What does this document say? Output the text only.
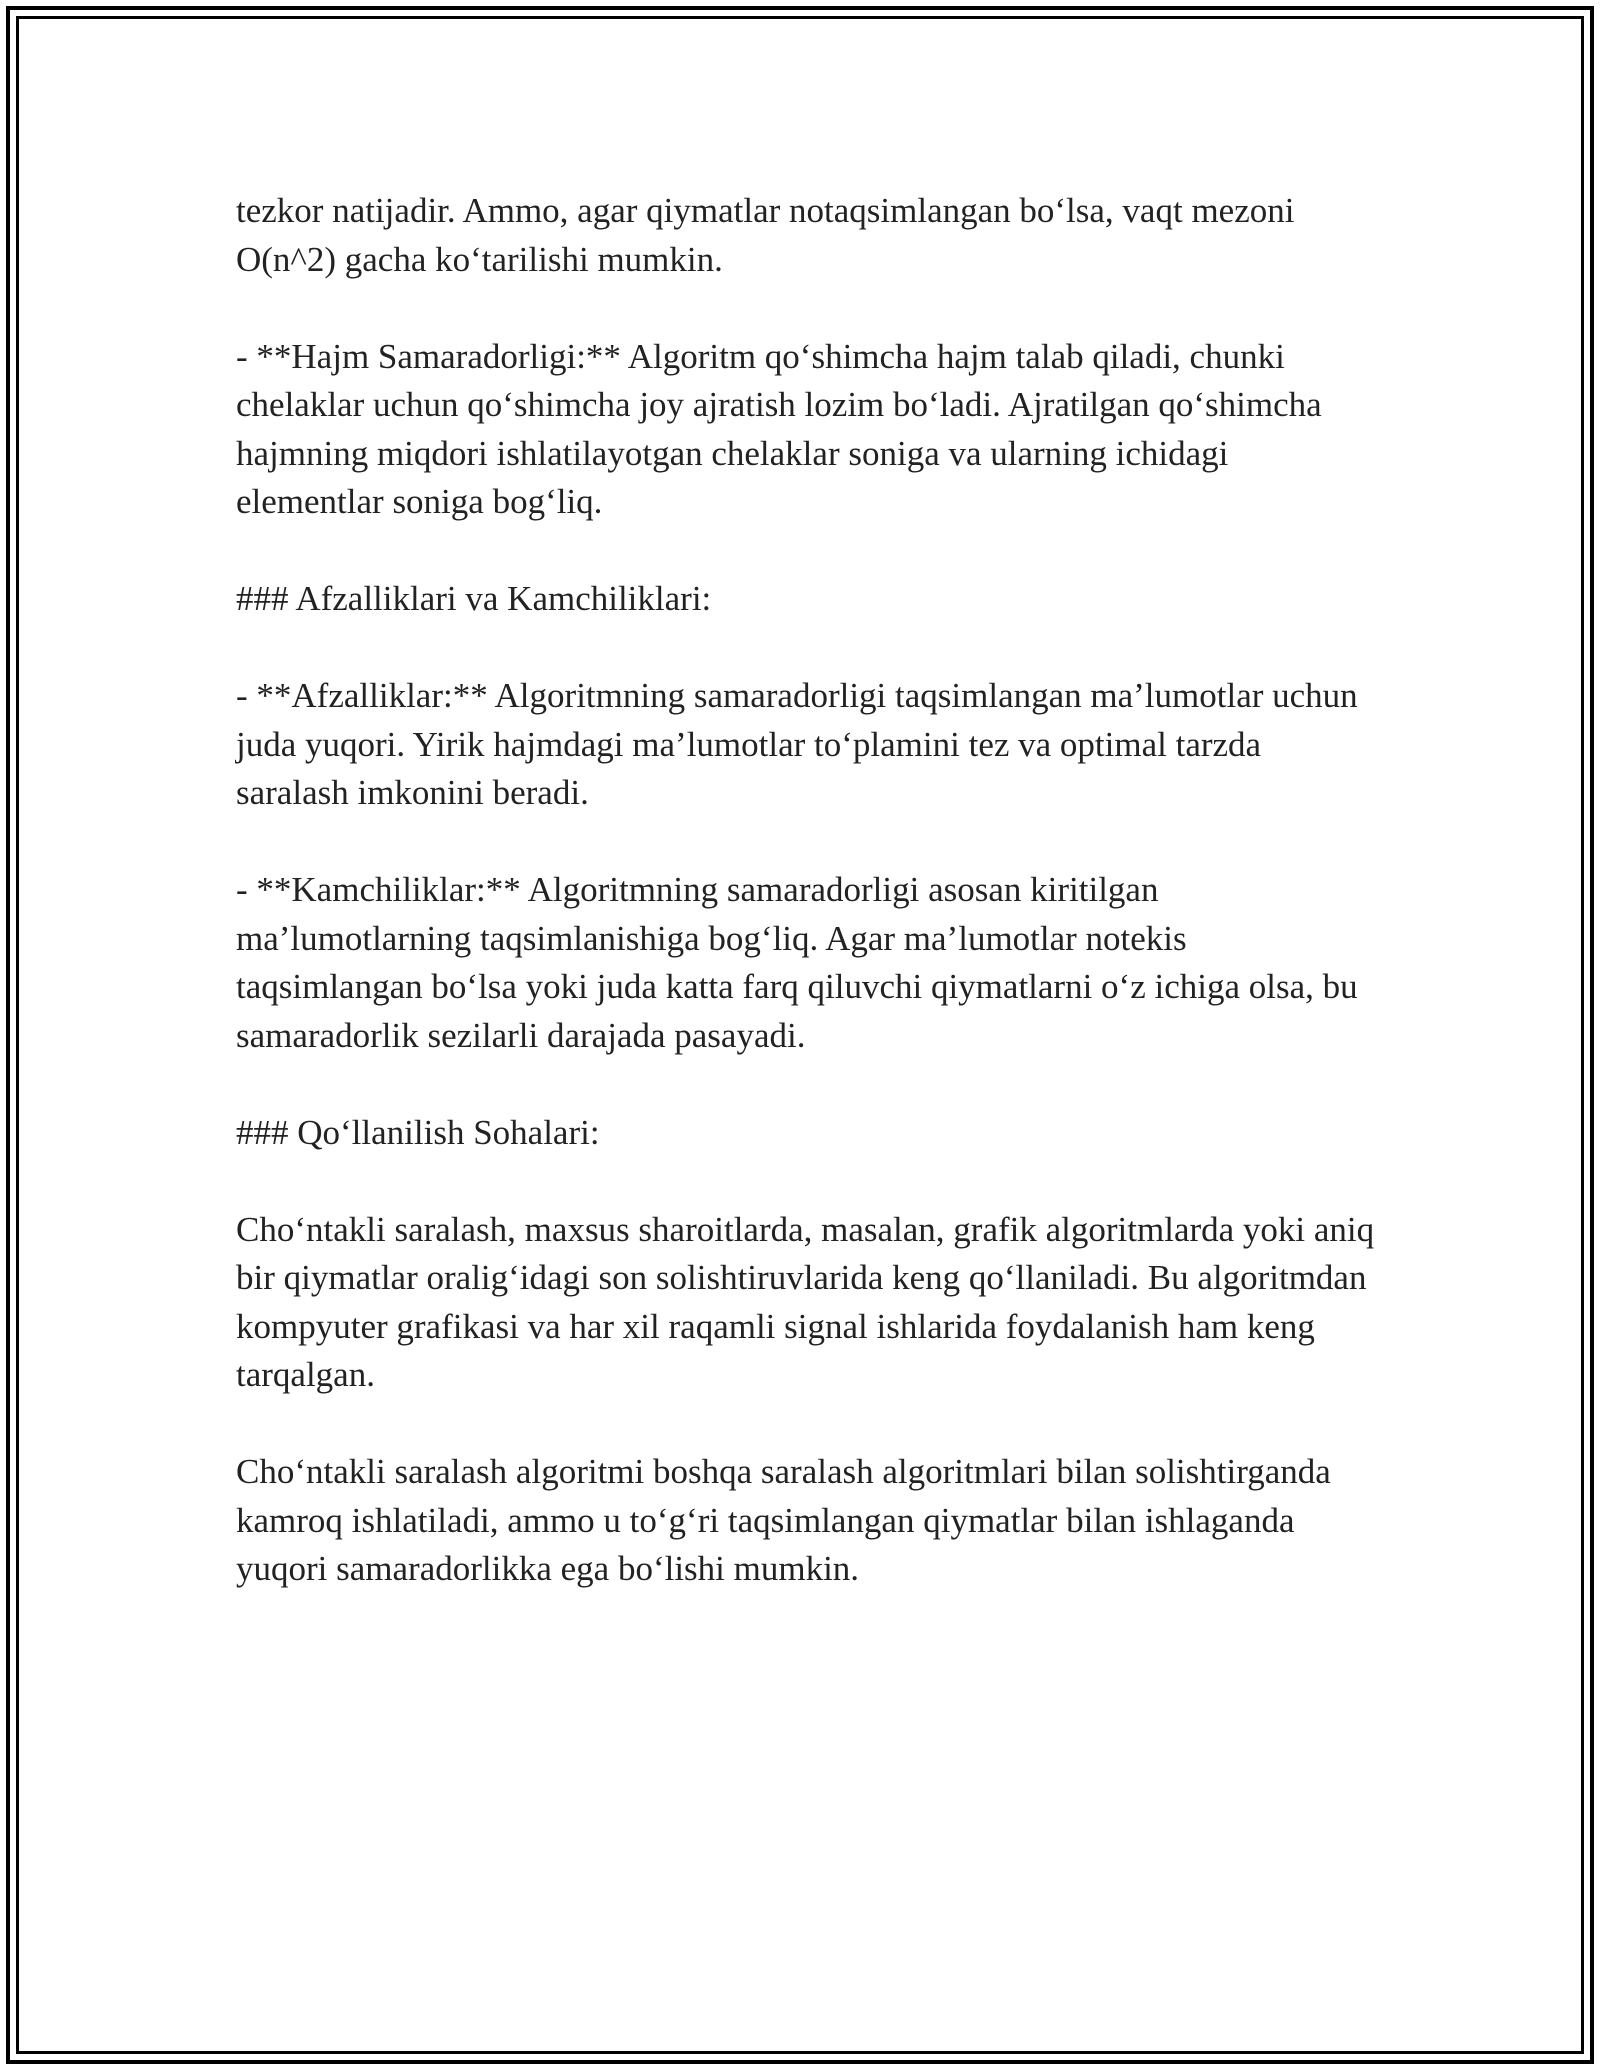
tezkor natijadir. Ammo, agar qiymatlar notaqsimlangan bo‘lsa, vaqt mezoni O(n^2) gacha ko‘tarilishi mumkin.

- **Hajm Samaradorligi:** Algoritm qo‘shimcha hajm talab qiladi, chunki chelaklar uchun qo‘shimcha joy ajratish lozim bo‘ladi. Ajratilgan qo‘shimcha hajmning miqdori ishlatilayotgan chelaklar soniga va ularning ichidagi elementlar soniga bog‘liq.

### Afzalliklari va Kamchiliklari:

- **Afzalliklar:** Algoritmning samaradorligi taqsimlangan ma’lumotlar uchun juda yuqori. Yirik hajmdagi ma’lumotlar to‘plamini tez va optimal tarzda saralash imkonini beradi.

- **Kamchiliklar:** Algoritmning samaradorligi asosan kiritilgan ma’lumotlarning taqsimlanishiga bog‘liq. Agar ma’lumotlar notekis taqsimlangan bo‘lsa yoki juda katta farq qiluvchi qiymatlarni o‘z ichiga olsa, bu samaradorlik sezilarli darajada pasayadi.

### Qo‘llanilish Sohalari:

Cho‘ntakli saralash, maxsus sharoitlarda, masalan, grafik algoritmlarda yoki aniq bir qiymatlar oralig‘idagi son solishtiruvlarida keng qo‘llaniladi. Bu algoritmdan kompyuter grafikasi va har xil raqamli signal ishlarida foydalanish ham keng tarqalgan.

Cho‘ntakli saralash algoritmi boshqa saralash algoritmlari bilan solishtirganda kamroq ishlatiladi, ammo u to‘g‘ri taqsimlangan qiymatlar bilan ishlaganda yuqori samaradorlikka ega bo‘lishi mumkin.
